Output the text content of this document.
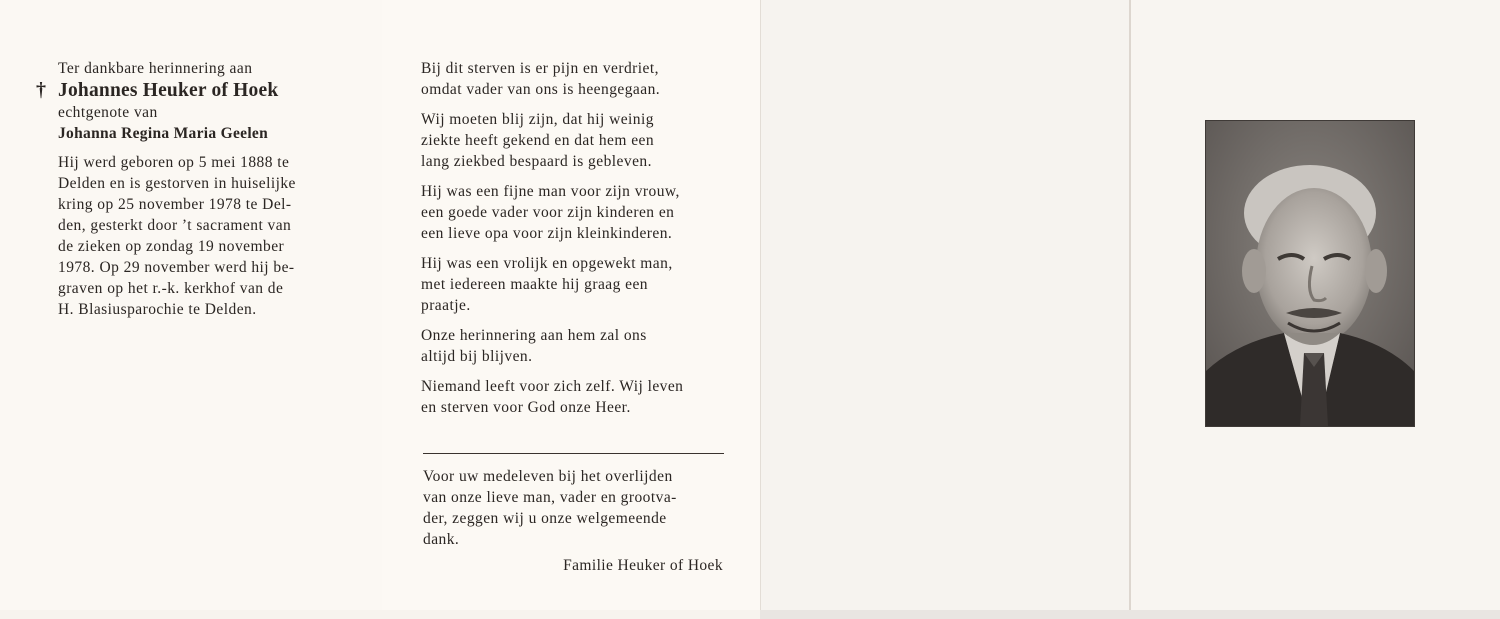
Ter dankbare herinnering aan
† Johannes Heuker of Hoek
echtgenote van
Johanna Regina Maria Geelen
Hij werd geboren op 5 mei 1888 te
Delden en is gestorven in huiselijke
kring op 25 november 1978 te Del-
den, gesterkt door ’t sacrament van
de zieken op zondag 19 november
1978. Op 29 november werd hij be-
graven op het r.-k. kerkhof van de
H. Blasiusparochie te Delden.
Bij dit sterven is er pijn en verdriet,
omdat vader van ons is heengegaan.
Wij moeten blij zijn, dat hij weinig
ziekte heeft gekend en dat hem een
lang ziekbed bespaard is gebleven.
Hij was een fijne man voor zijn vrouw,
een goede vader voor zijn kinderen en
een lieve opa voor zijn kleinkinderen.
Hij was een vrolijk en opgewekt man,
met iedereen maakte hij graag een
praatje.
Onze herinnering aan hem zal ons
altijd bij blijven.
Niemand leeft voor zich zelf. Wij leven
en sterven voor God onze Heer.
Voor uw medeleven bij het overlijden
van onze lieve man, vader en grootva-
der, zeggen wij u onze welgemeende
dank.
Familie Heuker of Hoek
